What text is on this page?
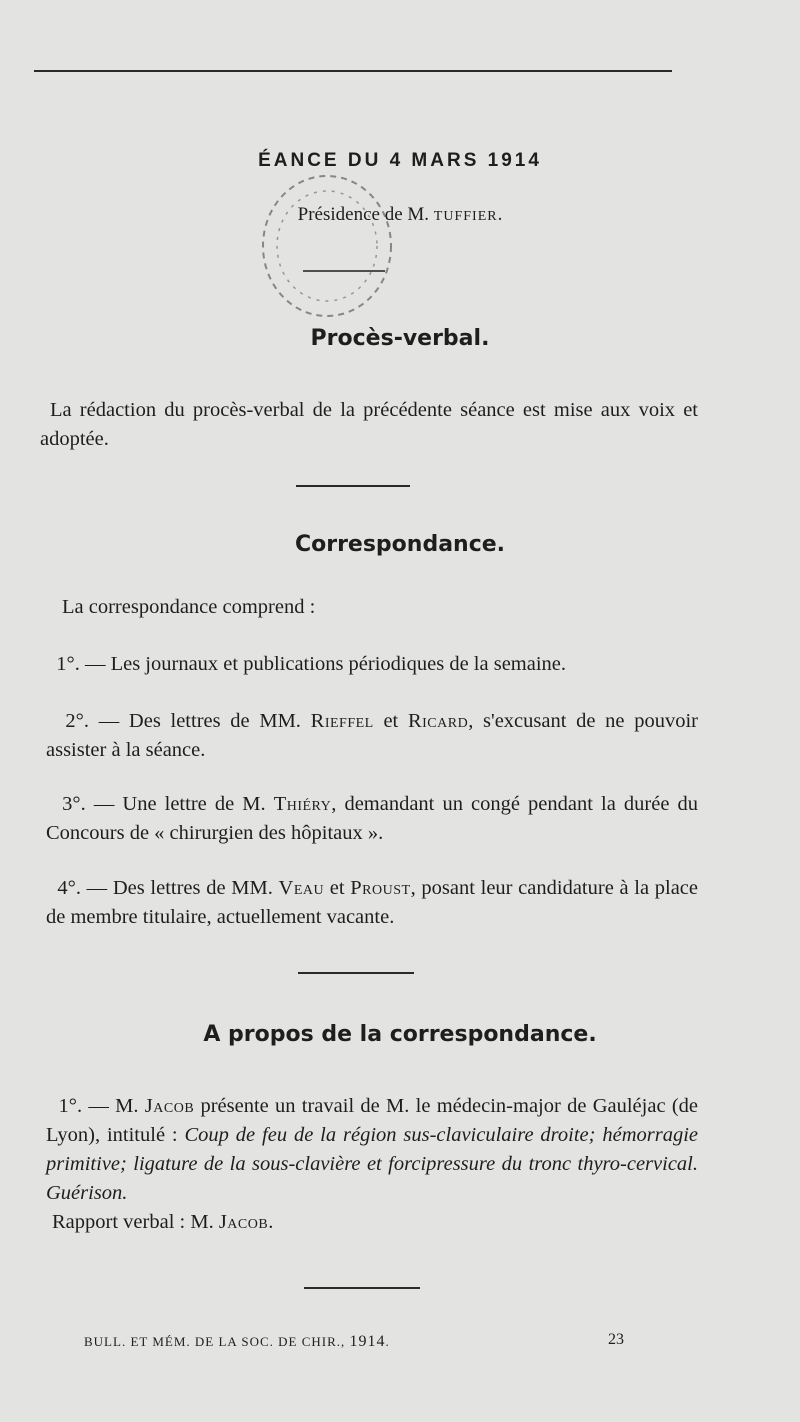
ÉANCE DU 4 MARS 1914
Présidence de M. TUFFIER.
Procès-verbal.
La rédaction du procès-verbal de la précédente séance est mise aux voix et adoptée.
Correspondance.
La correspondance comprend :
1°. — Les journaux et publications périodiques de la semaine.
2°. — Des lettres de MM. Rieffel et Ricard, s'excusant de ne pouvoir assister à la séance.
3°. — Une lettre de M. Thiéry, demandant un congé pendant la durée du Concours de « chirurgien des hôpitaux ».
4°. — Des lettres de MM. Veau et Proust, posant leur candidature à la place de membre titulaire, actuellement vacante.
A propos de la correspondance.
1°. — M. Jacob présente un travail de M. le médecin-major de Gauléjac (de Lyon), intitulé : Coup de feu de la région sus-claviculaire droite; hémorragie primitive; ligature de la sous-clavière et forcipressure du tronc thyro-cervical. Guérison.
Rapport verbal : M. Jacob.
BULL. ET MÉM. DE LA SOC. DE CHIR., 1914.	23
